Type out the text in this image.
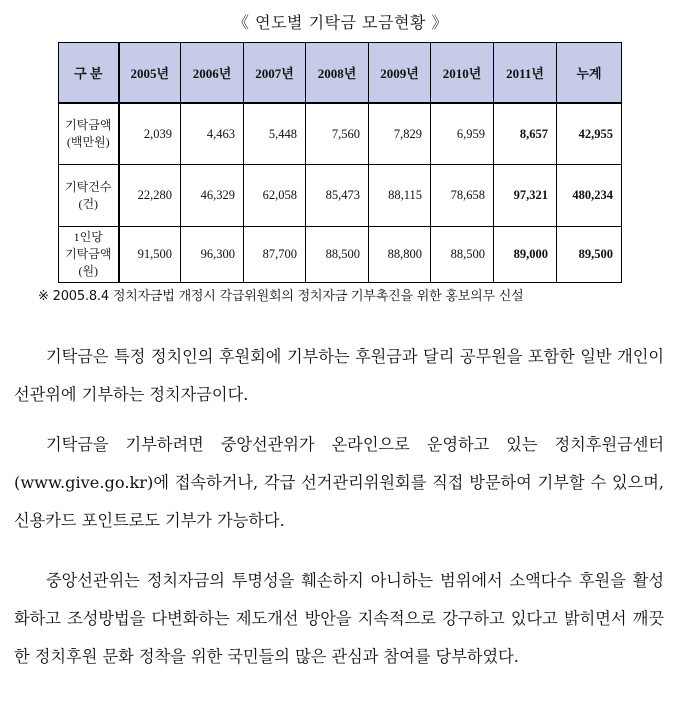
《 연도별 기탁금 모금현황 》
구 분	2005년	2006년	2007년	2008년	2009년	2010년	2011년	누계
기탁금액
(백만원)	2,039	4,463	5,448	7,560	7,829	6,959	8,657	42,955
기탁건수
(건)	22,280	46,329	62,058	85,473	88,115	78,658	97,321	480,234
1인당
기탁금액
(원)	91,500	96,300	87,700	88,500	88,800	88,500	89,000	89,500
※ 2005.8.4 정치자금법 개정시 각급위원회의 정치자금 기부촉진을 위한 홍보의무 신설
기탁금은 특정 정치인의 후원회에 기부하는 후원금과 달리 공무원을 포함한 일반 개인이 선관위에 기부하는 정치자금이다.
기탁금을 기부하려면 중앙선관위가 온라인으로 운영하고 있는 정치후원금센터(www.give.go.kr)에 접속하거나, 각급 선거관리위원회를 직접 방문하여 기부할 수 있으며, 신용카드 포인트로도 기부가 가능하다.
중앙선관위는 정치자금의 투명성을 훼손하지 아니하는 범위에서 소액다수 후원을 활성화하고 조성방법을 다변화하는 제도개선 방안을 지속적으로 강구하고 있다고 밝히면서 깨끗한 정치후원 문화 정착을 위한 국민들의 많은 관심과 참여를 당부하였다.
